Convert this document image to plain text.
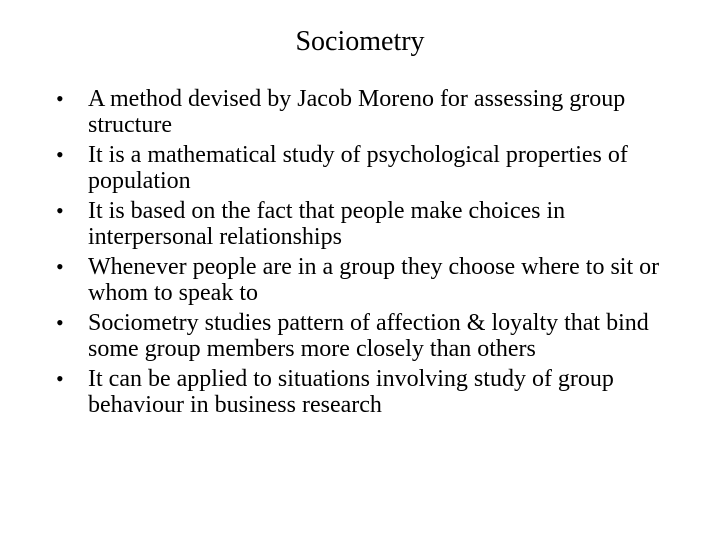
Sociometry
•	A method devised by Jacob Moreno for assessing group structure
•	It is a mathematical study of psychological properties of population
•	It is based on the fact that people make choices in interpersonal relationships
•	Whenever people are in a group they choose where to sit or whom to speak to
•	Sociometry studies pattern of affection & loyalty that bind some group members more closely than others
•	It can be applied to situations involving study of group behaviour in business research
